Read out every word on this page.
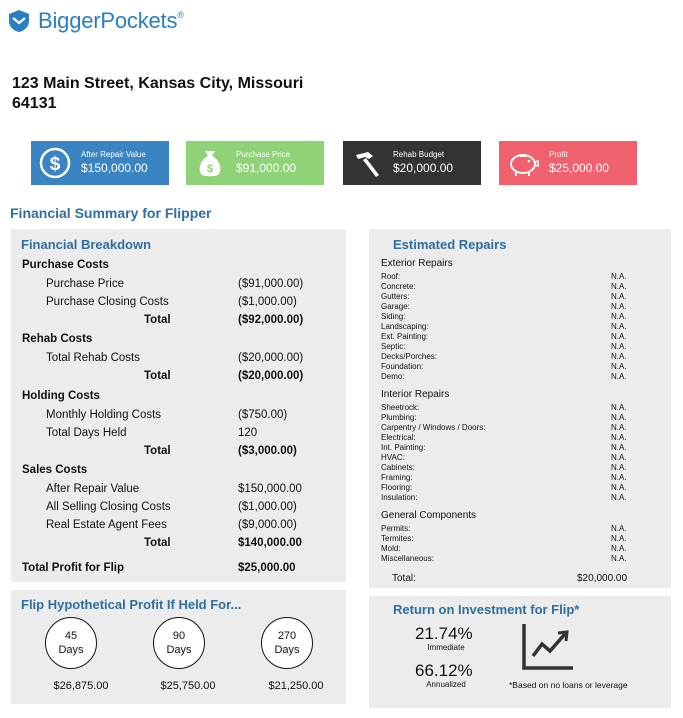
BiggerPockets®
123 Main Street, Kansas City, Missouri
64131
$	After Repair Value
$150,000.00	$
Purchase Price
$91,000.00
Rehab Budget
$20,000.00
Profit
$25,000.00
Financial Summary for Flipper
Financial Breakdown
Purchase Costs
Purchase Price	($91,000.00)
Purchase Closing Costs	($1,000.00)
Total	($92,000.00)
Rehab Costs
Total Rehab Costs	($20,000.00)
Total	($20,000.00)
Holding Costs
Monthly Holding Costs	($750.00)
Total Days Held	120
Total	($3,000.00)
Sales Costs
After Repair Value	$150,000.00
All Selling Closing Costs	($1,000.00)
Real Estate Agent Fees	($9,000.00)
Total	$140,000.00
Total Profit for Flip	$25,000.00
Estimated Repairs
Exterior Repairs
Roof:	N.A.
Concrete:	N.A.
Gutters:	N.A.
Garage:	N.A.
Siding:	N.A.
Landscaping:	N.A.
Ext. Painting:	N.A.
Septic:	N.A.
Decks/Porches:	N.A.
Foundation:	N.A.
Demo:	N.A.
Interior Repairs
Sheetrock:	N.A.
Plumbing:	N.A.
Carpentry / Windows / Doors:	N.A.
Electrical:	N.A.
Int. Painting:	N.A.
HVAC:	N.A.
Cabinets:	N.A.
Framing:	N.A.
Flooring:	N.A.
Insulation:	N.A.
General Components
Permits:	N.A.
Termites:	N.A.
Mold:	N.A.
Miscellaneous:	N.A.
Total:	$20,000.00
Flip Hypothetical Profit If Held For...
45
Days
$26,875.00
90
Days
$25,750.00
270
Days
$21,250.00
Return on Investment for Flip*
21.74%
Immediate
66.12%
Annualized	*Based on no loans or leverage
